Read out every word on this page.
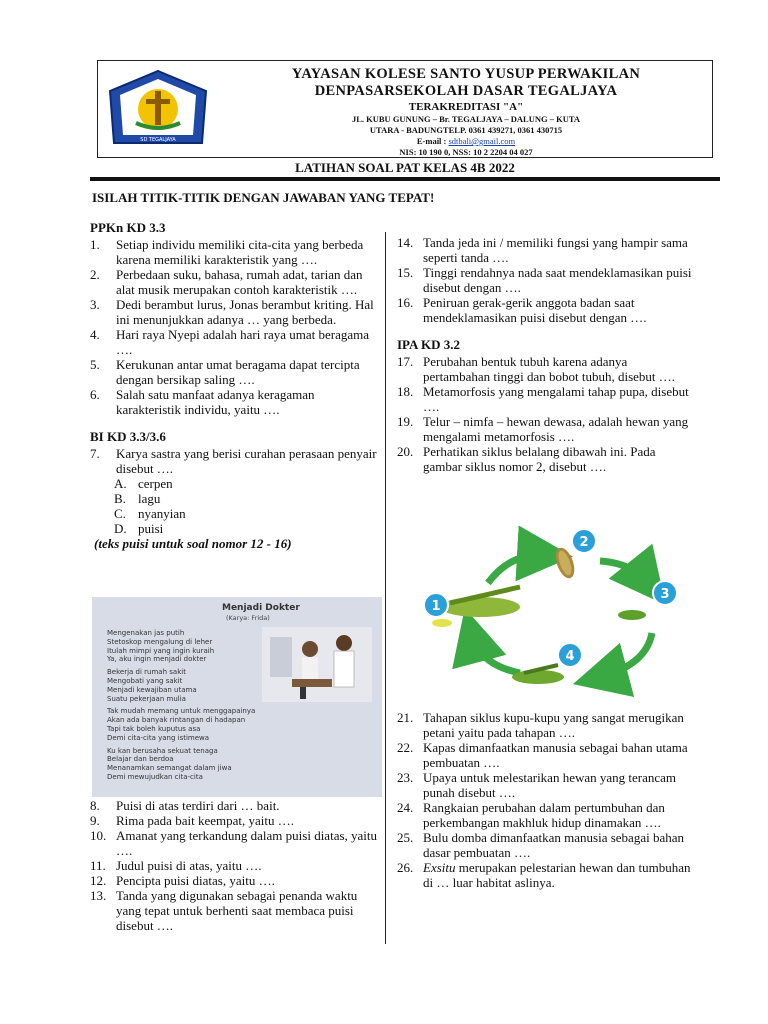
SD TEGALJAYA
YAYASAN KOLESE SANTO YUSUP PERWAKILAN
DENPASARSEKOLAH DASAR TEGALJAYA
TERAKREDITASI "A"
JL. KUBU GUNUNG – Br. TEGALJAYA – DALUNG – KUTA
UTARA - BADUNGTELP. 0361 439271, 0361 430715
E-mail : sdtbali@gmail.com
NIS: 10 190 0, NSS: 10 2 2204 04 027
LATIHAN SOAL PAT KELAS 4B 2022
ISILAH TITIK-TITIK DENGAN JAWABAN YANG TEPAT!
PPKn KD 3.3
1.	Setiap individu memiliki cita-cita yang berbeda karena memiliki karakteristik yang ….
2.	Perbedaan suku, bahasa, rumah adat, tarian dan alat musik merupakan contoh karakteristik ….
3.	Dedi berambut lurus, Jonas berambut kriting. Hal ini menunjukkan adanya … yang berbeda.
4.	Hari raya Nyepi adalah hari raya umat beragama ….
5.	Kerukunan antar umat beragama dapat tercipta dengan bersikap saling ….
6.	Salah satu manfaat adanya keragaman karakteristik individu, yaitu ….
BI KD 3.3/3.6
7.	Karya sastra yang berisi curahan perasaan penyair disebut ….
A. cerpen
B. lagu
C. nyanyian
D. puisi
(teks puisi untuk soal nomor 12 - 16)
Menjadi Dokter
(Karya: Frida)
Mengenakan jas putih
Stetoskop mengalung di leher
Itulah mimpi yang ingin kuraih
Ya, aku ingin menjadi dokter
Bekerja di rumah sakit
Mengobati yang sakit
Menjadi kewajiban utama
Suatu pekerjaan mulia
Tak mudah memang untuk menggapainya
Akan ada banyak rintangan di hadapan
Tapi tak boleh kuputus asa
Demi cita-cita yang istimewa
Ku kan berusaha sekuat tenaga
Belajar dan berdoa
Menanamkan semangat dalam jiwa
Demi mewujudkan cita-cita
8.	Puisi di atas terdiri dari … bait.
9.	Rima pada bait keempat, yaitu ….
10. Amanat yang terkandung dalam puisi diatas, yaitu ….
11. Judul puisi di atas, yaitu ….
12. Pencipta puisi diatas, yaitu ….
13. Tanda yang digunakan sebagai penanda waktu yang tepat untuk berhenti saat membaca puisi disebut ….
14. Tanda jeda ini / memiliki fungsi yang hampir sama seperti tanda ….
15. Tinggi rendahnya nada saat mendeklamasikan puisi disebut dengan ….
16. Peniruan gerak-gerik anggota badan saat mendeklamasikan puisi disebut dengan ….
IPA KD 3.2
17. Perubahan bentuk tubuh karena adanya pertambahan tinggi dan bobot tubuh, disebut ….
18. Metamorfosis yang mengalami tahap pupa, disebut ….
19. Telur – nimfa – hewan dewasa, adalah hewan yang mengalami metamorfosis ….
20. Perhatikan siklus belalang dibawah ini. Pada gambar siklus nomor 2, disebut ….
1
2
3
4
21. Tahapan siklus kupu-kupu yang sangat merugikan petani yaitu pada tahapan ….
22. Kapas dimanfaatkan manusia sebagai bahan utama pembuatan ….
23. Upaya untuk melestarikan hewan yang terancam punah disebut ….
24. Rangkaian perubahan dalam pertumbuhan dan perkembangan makhluk hidup dinamakan ….
25. Bulu domba dimanfaatkan manusia sebagai bahan dasar pembuatan ….
26. Exsitu merupakan pelestarian hewan dan tumbuhan di … luar habitat aslinya.
